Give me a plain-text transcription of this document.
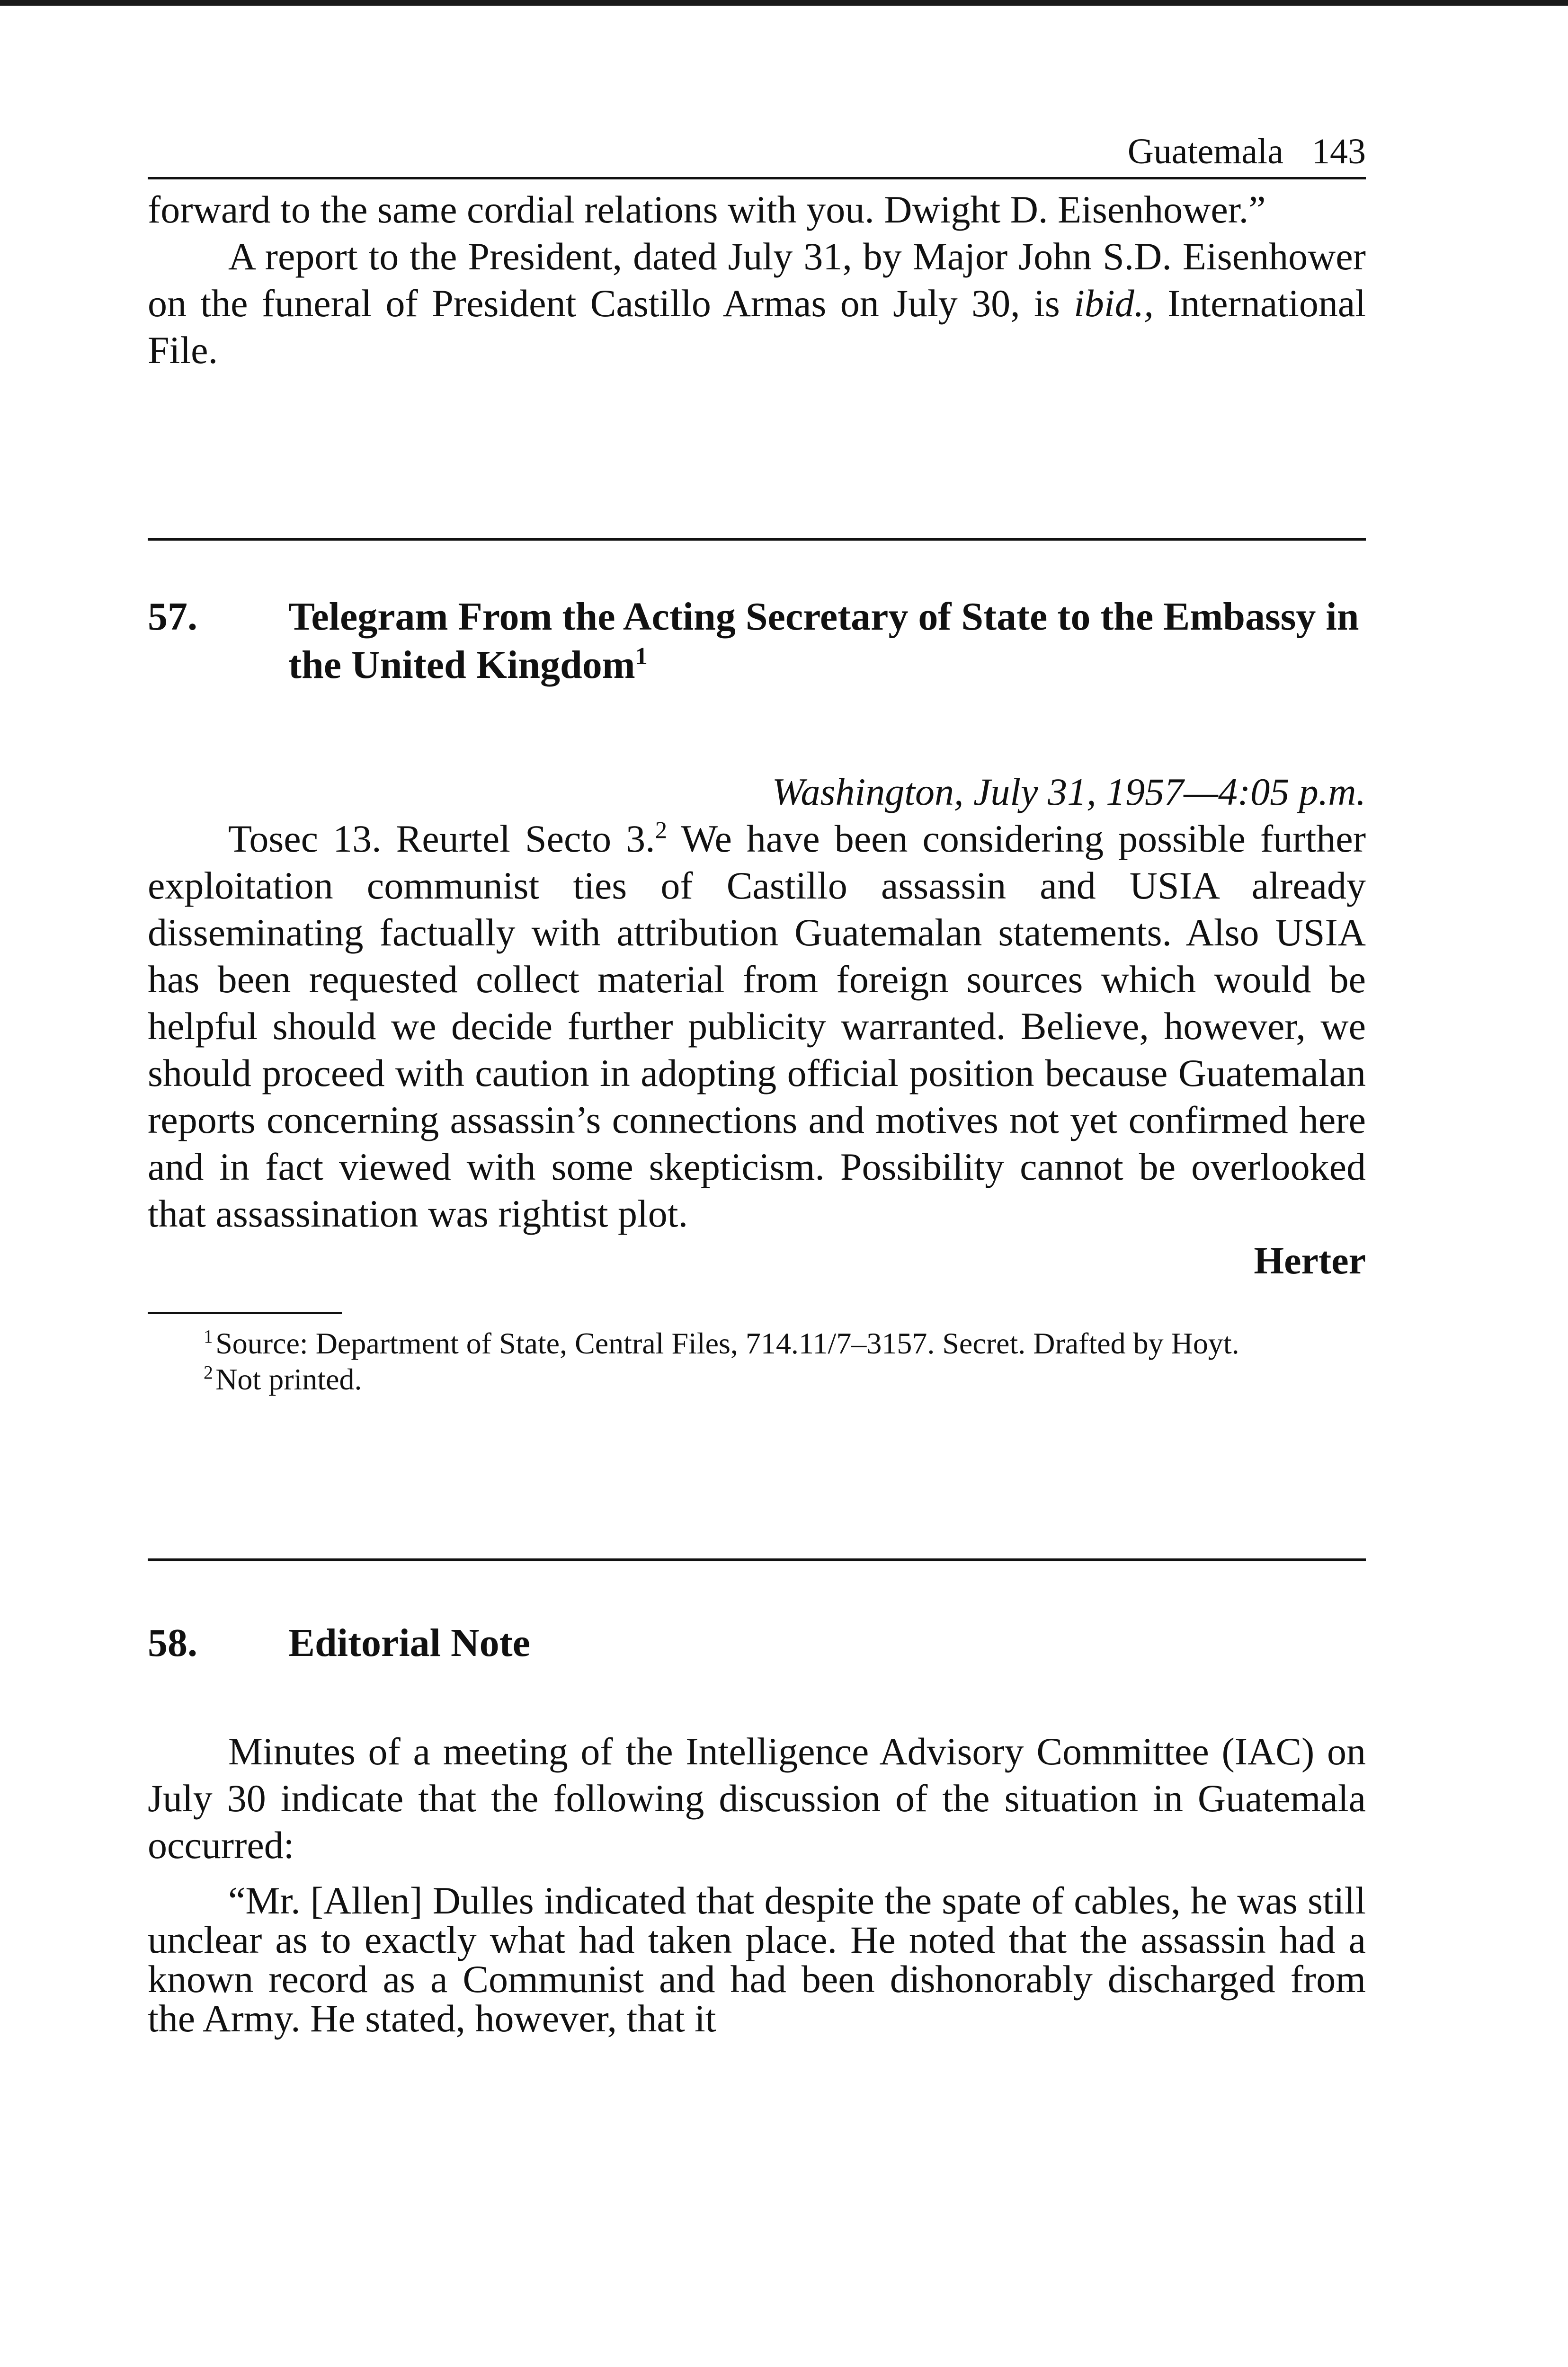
Guatemala 143

forward to the same cordial relations with you. Dwight D. Eisenhower.”

A report to the President, dated July 31, by Major John S.D. Eisenhower on the funeral of President Castillo Armas on July 30, is ibid., International File.

57.	Telegram From the Acting Secretary of State to the Embassy in the United Kingdom$^1$
Washington, July 31, 1957—4:05 p.m.

Tosec 13. Reurtel Secto 3.$^2$ We have been considering possible further exploitation communist ties of Castillo assassin and USIA already disseminating factually with attribution Guatemalan statements. Also USIA has been requested collect material from foreign sources which would be helpful should we decide further publicity warranted. Believe, however, we should proceed with caution in adopting official position because Guatemalan reports concerning assassin’s connections and motives not yet confirmed here and in fact viewed with some skepticism. Possibility cannot be overlooked that assassination was rightist plot.

Herter

$^1$ Source: Department of State, Central Files, 714.11/7–3157. Secret. Drafted by Hoyt.

$^2$ Not printed.

58.	Editorial Note

Minutes of a meeting of the Intelligence Advisory Committee (IAC) on July 30 indicate that the following discussion of the situation in Guatemala occurred:

“Mr. [Allen] Dulles indicated that despite the spate of cables, he was still unclear as to exactly what had taken place. He noted that the assassin had a known record as a Communist and had been dishonorably discharged from the Army. He stated, however, that it
